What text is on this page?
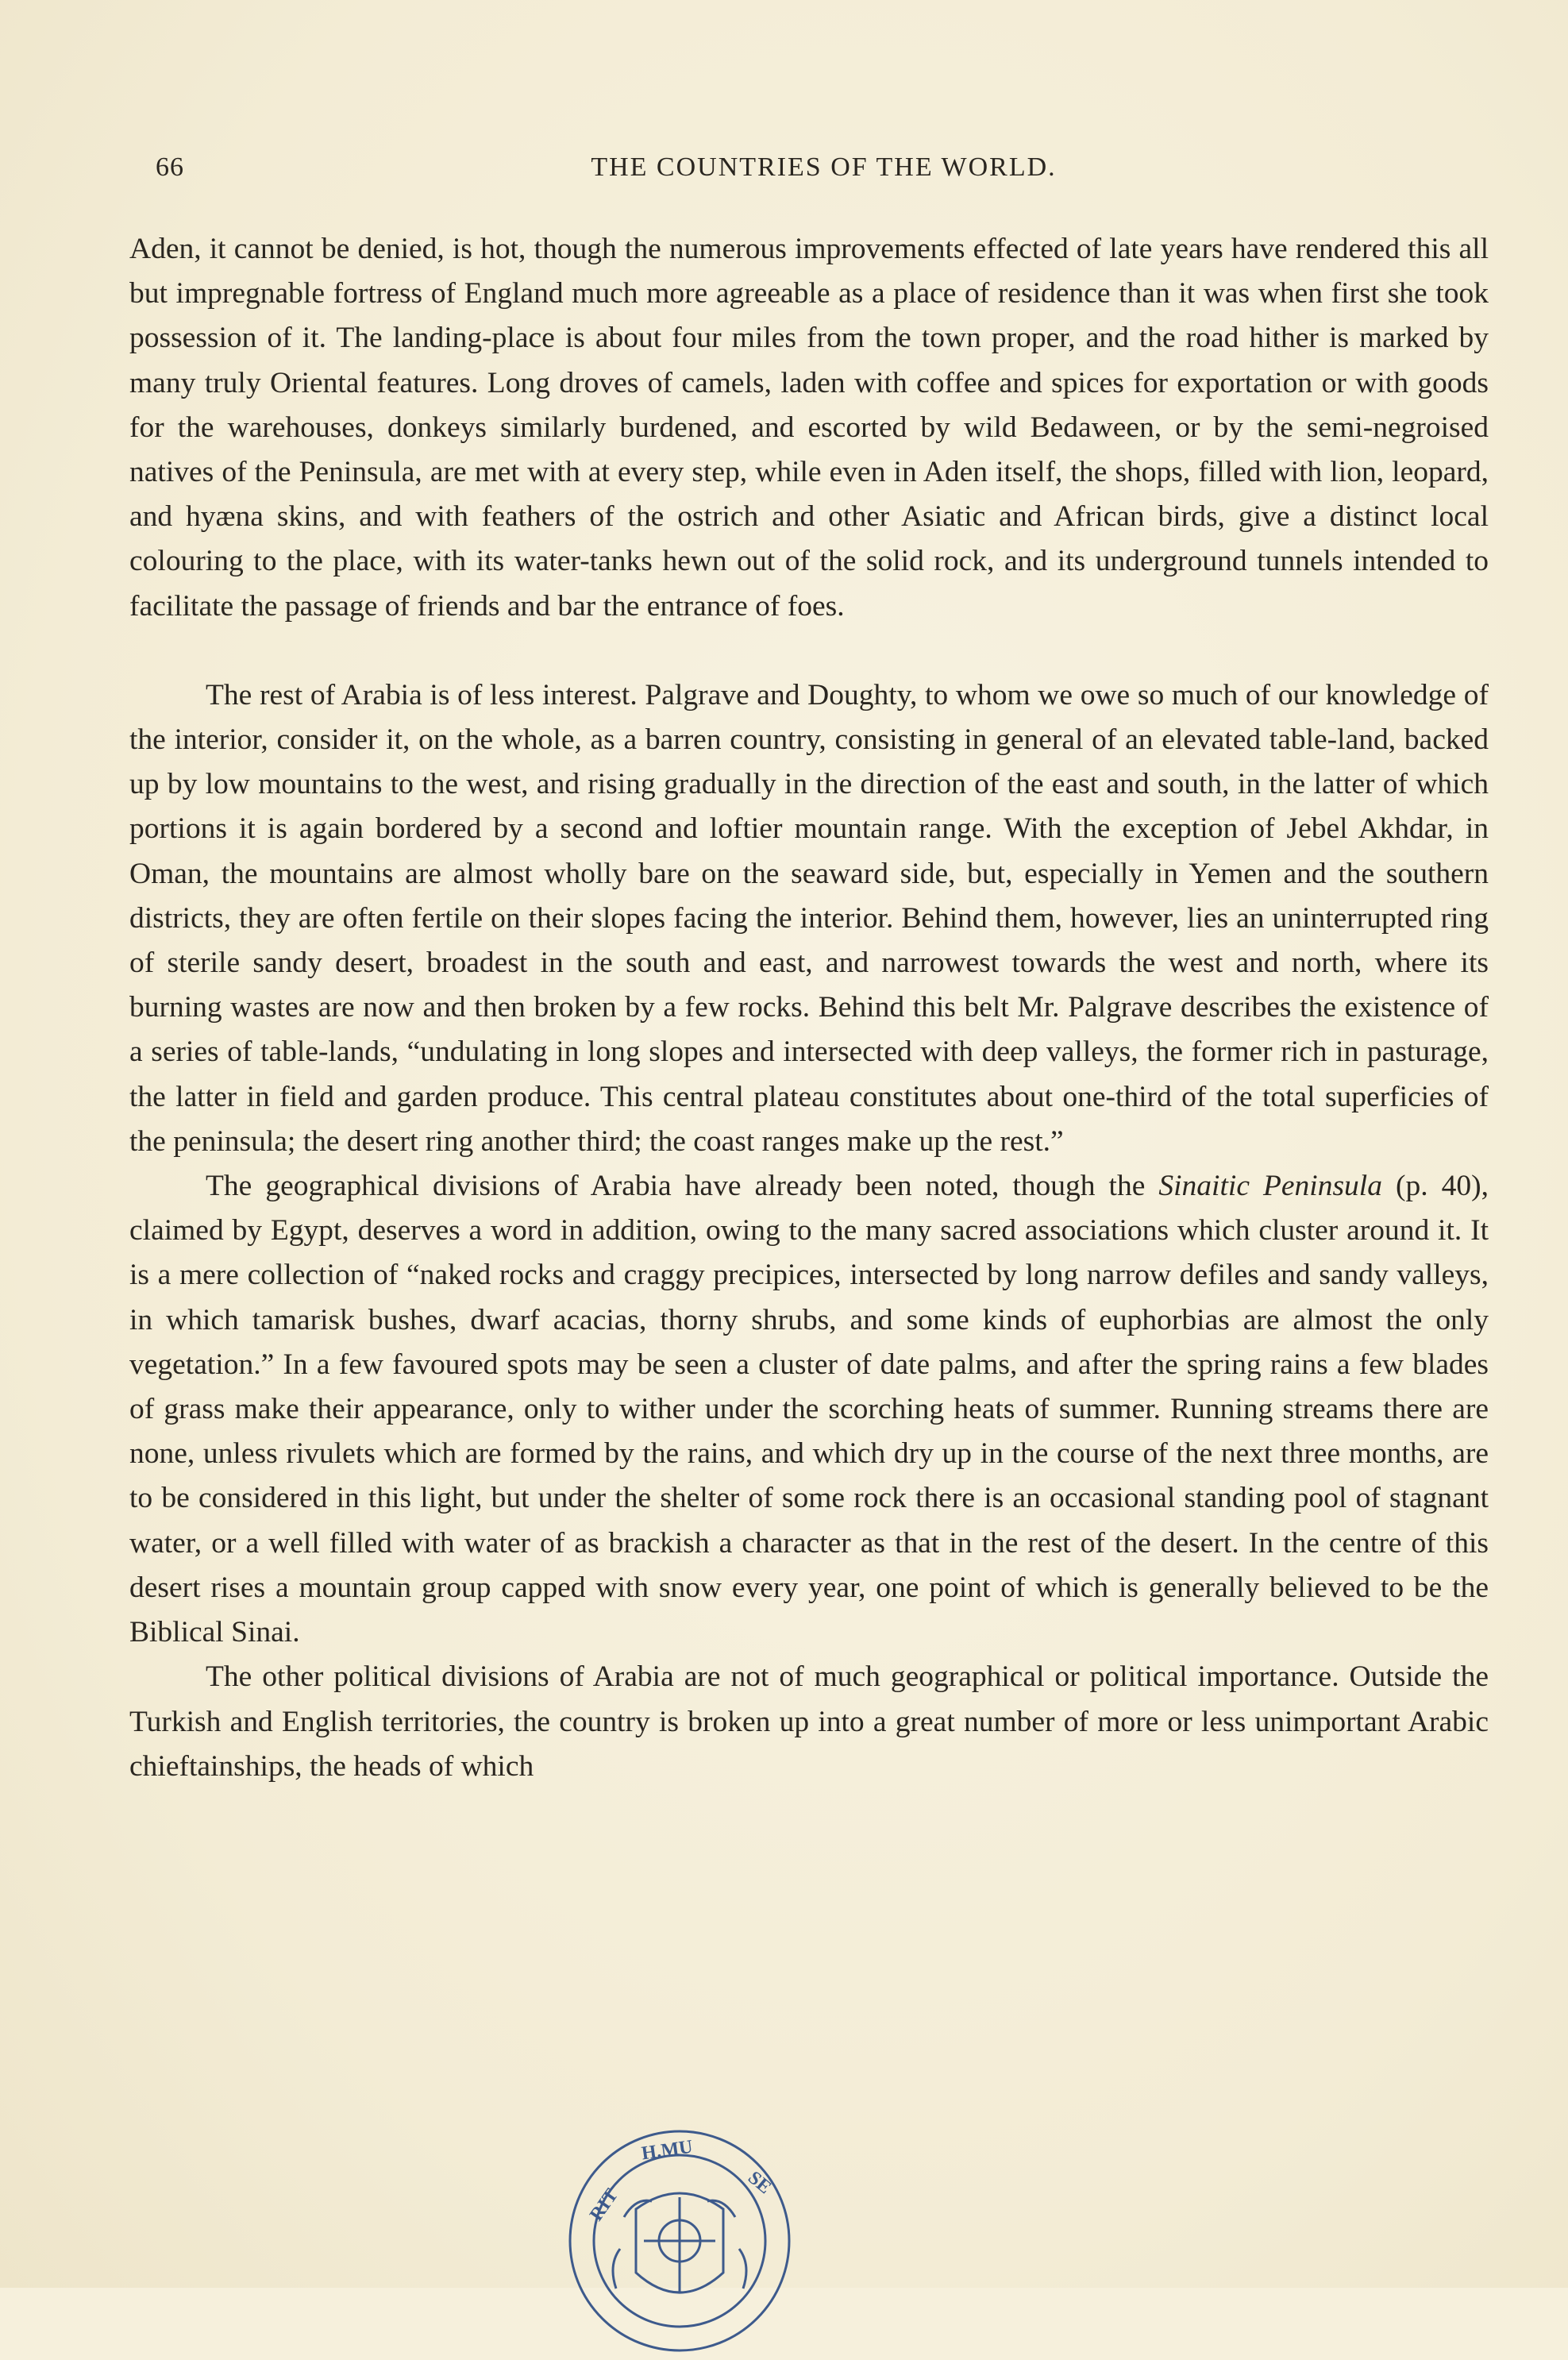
66	THE COUNTRIES OF THE WORLD.

Aden, it cannot be denied, is hot, though the numerous improvements effected of late years have rendered this all but impregnable fortress of England much more agreeable as a place of residence than it was when first she took possession of it. The landing-place is about four miles from the town proper, and the road hither is marked by many truly Oriental features. Long droves of camels, laden with coffee and spices for exportation or with goods for the warehouses, donkeys similarly burdened, and escorted by wild Bedaween, or by the semi-negroised natives of the Peninsula, are met with at every step, while even in Aden itself, the shops, filled with lion, leopard, and hyæna skins, and with feathers of the ostrich and other Asiatic and African birds, give a distinct local colouring to the place, with its water-tanks hewn out of the solid rock, and its underground tunnels intended to facilitate the passage of friends and bar the entrance of foes.

The rest of Arabia is of less interest. Palgrave and Doughty, to whom we owe so much of our knowledge of the interior, consider it, on the whole, as a barren country, consisting in general of an elevated table-land, backed up by low mountains to the west, and rising gradually in the direction of the east and south, in the latter of which portions it is again bordered by a second and loftier mountain range. With the exception of Jebel Akhdar, in Oman, the mountains are almost wholly bare on the seaward side, but, especially in Yemen and the southern districts, they are often fertile on their slopes facing the interior. Behind them, however, lies an uninterrupted ring of sterile sandy desert, broadest in the south and east, and narrowest towards the west and north, where its burning wastes are now and then broken by a few rocks. Behind this belt Mr. Palgrave describes the existence of a series of table-lands, “undulating in long slopes and intersected with deep valleys, the former rich in pasturage, the latter in field and garden produce. This central plateau constitutes about one-third of the total superficies of the peninsula; the desert ring another third; the coast ranges make up the rest.”

The geographical divisions of Arabia have already been noted, though the Sinaitic Peninsula (p. 40), claimed by Egypt, deserves a word in addition, owing to the many sacred associations which cluster around it. It is a mere collection of “naked rocks and craggy precipices, intersected by long narrow defiles and sandy valleys, in which tamarisk bushes, dwarf acacias, thorny shrubs, and some kinds of euphorbias are almost the only vegetation.” In a few favoured spots may be seen a cluster of date palms, and after the spring rains a few blades of grass make their appearance, only to wither under the scorching heats of summer. Running streams there are none, unless rivulets which are formed by the rains, and which dry up in the course of the next three months, are to be considered in this light, but under the shelter of some rock there is an occasional standing pool of stagnant water, or a well filled with water of as brackish a character as that in the rest of the desert. In the centre of this desert rises a mountain group capped with snow every year, one point of which is generally believed to be the Biblical Sinai.

The other political divisions of Arabia are not of much geographical or political importance. Outside the Turkish and English territories, the country is broken up into a great number of more or less unimportant Arabic chieftainships, the heads of which

H.MU
RIT
SE
